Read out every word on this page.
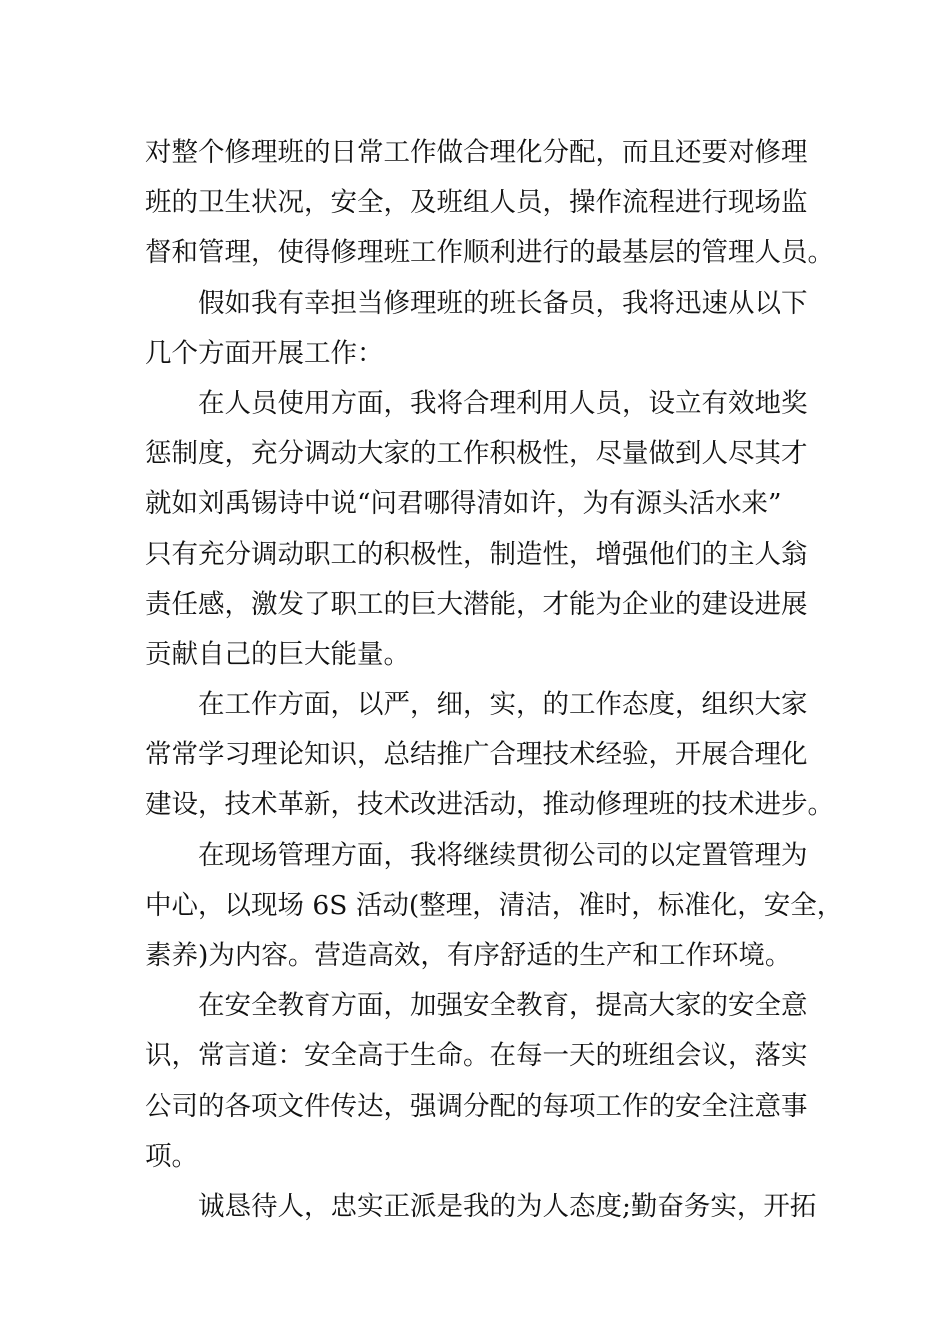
对整个修理班的日常工作做合理化分配，而且还要对修理
班的卫生状况，安全，及班组人员，操作流程进行现场监
督和管理，使得修理班工作顺利进行的最基层的管理人员。
假如我有幸担当修理班的班长备员，我将迅速从以下
几个方面开展工作：
在人员使用方面，我将合理利用人员，设立有效地奖
惩制度，充分调动大家的工作积极性，尽量做到人尽其才
就如刘禹锡诗中说“问君哪得清如许，为有源头活水来”
只有充分调动职工的积极性，制造性，增强他们的主人翁
责任感，激发了职工的巨大潜能，才能为企业的建设进展
贡献自己的巨大能量。
在工作方面，以严，细，实，的工作态度，组织大家
常常学习理论知识，总结推广合理技术经验，开展合理化
建设，技术革新，技术改进活动，推动修理班的技术进步。
在现场管理方面，我将继续贯彻公司的以定置管理为
中心，以现场 6S 活动(整理，清洁，准时，标准化，安全，
素养)为内容。营造高效，有序舒适的生产和工作环境。
在安全教育方面，加强安全教育，提高大家的安全意
识，常言道：安全高于生命。在每一天的班组会议，落实
公司的各项文件传达，强调分配的每项工作的安全注意事
项。
诚恳待人，忠实正派是我的为人态度;勤奋务实，开拓
